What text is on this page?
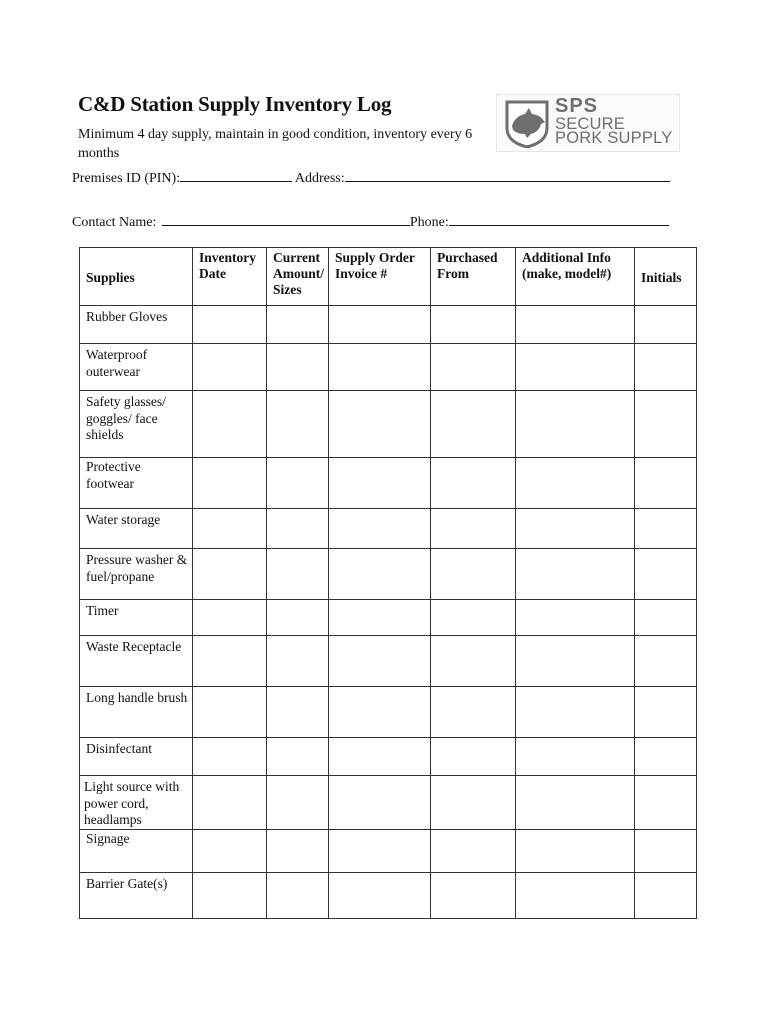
C&D Station Supply Inventory Log
Minimum 4 day supply, maintain in good condition, inventory every 6 months
SPS
SECURE
PORK SUPPLY
Premises ID (PIN):	Address:
Contact Name:	Phone:
Supplies	Inventory Date	Current Amount/ Sizes	Supply Order Invoice #	Purchased From	Additional Info (make, model#)	Initials
Rubber Gloves						
Waterproof outerwear						
Safety glasses/ goggles/ face shields						
Protective footwear						
Water storage						
Pressure washer & fuel/propane						
Timer						
Waste Receptacle						
Long handle brush						
Disinfectant						
Light source with power cord, headlamps						
Signage						
Barrier Gate(s)						
